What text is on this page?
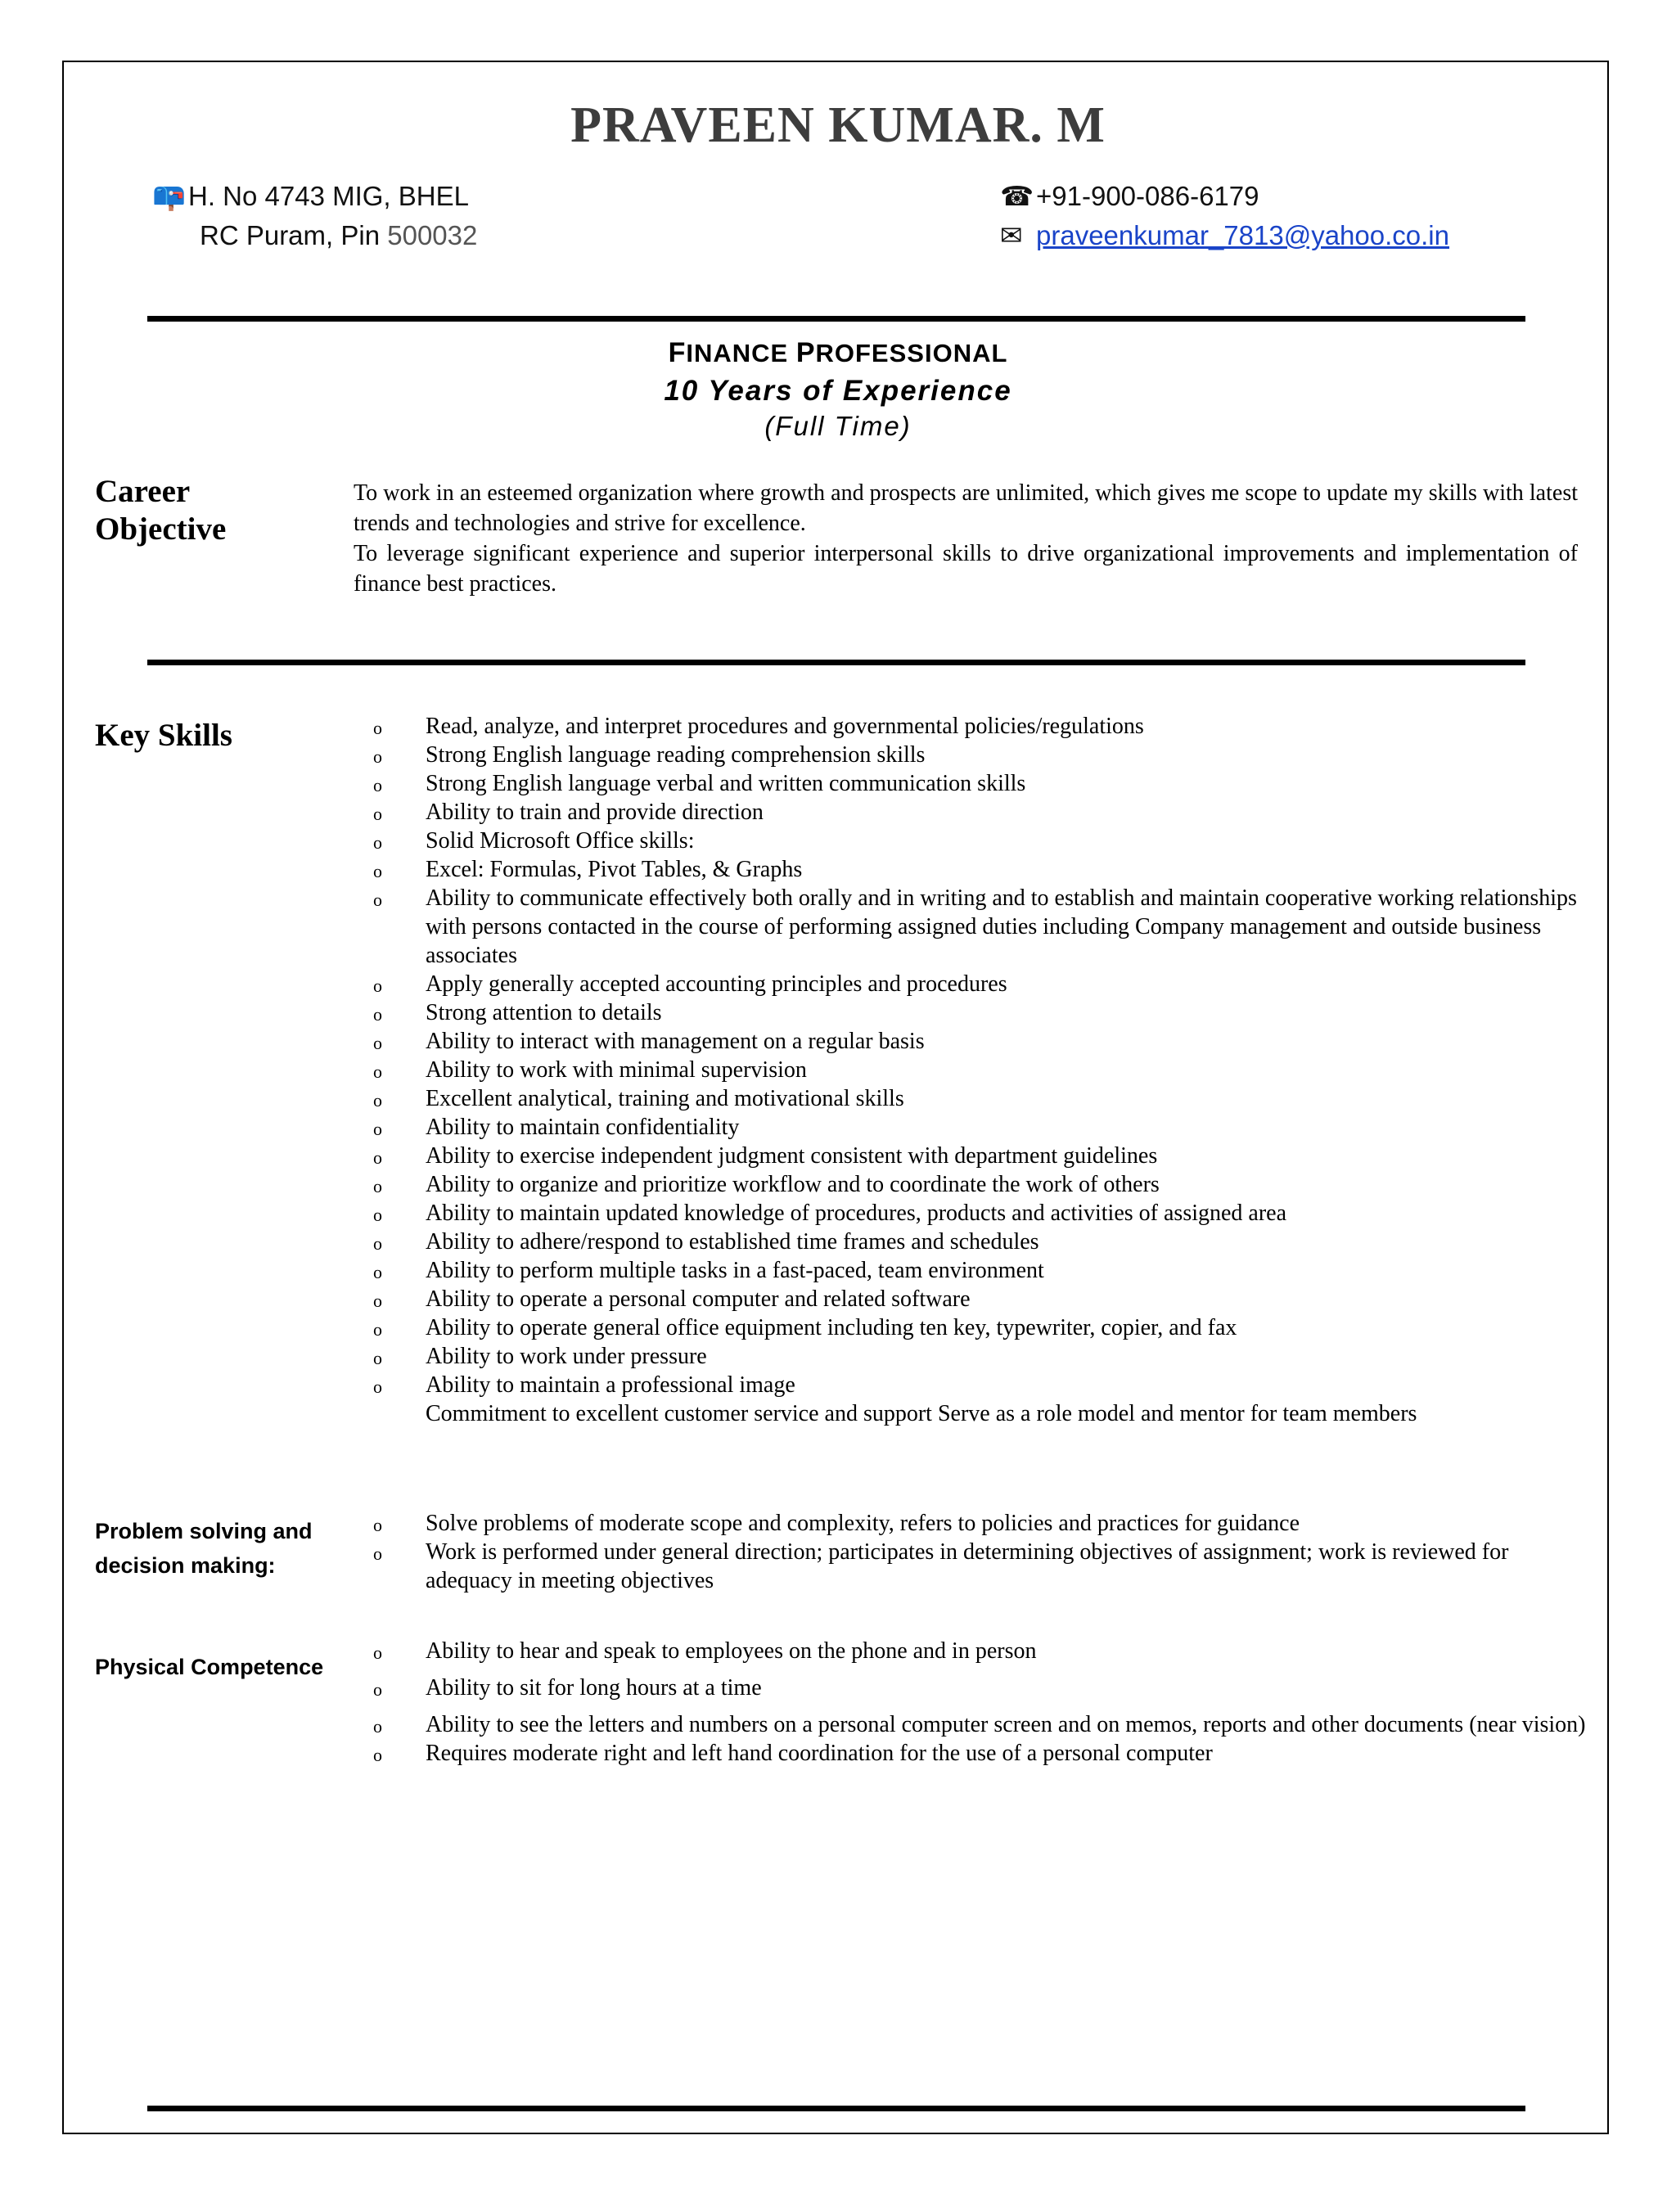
PRAVEEN KUMAR. M
📪H. No 4743 MIG, BHEL
RC Puram, Pin 500032
☎+91-900-086-6179
✉ praveenkumar_7813@yahoo.co.in
FINANCE PROFESSIONAL
10 Years of Experience
(Full Time)
Career
Objective

To work in an esteemed organization where growth and prospects are unlimited, which gives me scope to update my skills with latest trends and technologies and strive for excellence.

To leverage significant experience and superior interpersonal skills to drive organizational improvements and implementation of finance best practices.

Key Skills	o Read, analyze, and interpret procedures and governmental policies/regulations
o Strong English language reading comprehension skills
o Strong English language verbal and written communication skills
o Ability to train and provide direction
o Solid Microsoft Office skills:
o Excel: Formulas, Pivot Tables, & Graphs
o Ability to communicate effectively both orally and in writing and to establish and maintain cooperative working relationships with persons contacted in the course of performing assigned duties including Company management and outside business associates
o Apply generally accepted accounting principles and procedures
o Strong attention to details
o Ability to interact with management on a regular basis
o Ability to work with minimal supervision
o Excellent analytical, training and motivational skills
o Ability to maintain confidentiality
o Ability to exercise independent judgment consistent with department guidelines
o Ability to organize and prioritize workflow and to coordinate the work of others
o Ability to maintain updated knowledge of procedures, products and activities of assigned area
o Ability to adhere/respond to established time frames and schedules
o Ability to perform multiple tasks in a fast-paced, team environment
o Ability to operate a personal computer and related software
o Ability to operate general office equipment including ten key, typewriter, copier, and fax
o Ability to work under pressure
o Ability to maintain a professional image
Commitment to excellent customer service and support Serve as a role model and mentor for team members
Problem solving and
decision making:
o Solve problems of moderate scope and complexity, refers to policies and practices for guidance
o Work is performed under general direction; participates in determining objectives of assignment; work is reviewed for adequacy in meeting objectives
Physical Competence
o Ability to hear and speak to employees on the phone and in person
o Ability to sit for long hours at a time
o Ability to see the letters and numbers on a personal computer screen and on memos, reports and other documents (near vision)
o Requires moderate right and left hand coordination for the use of a personal computer
